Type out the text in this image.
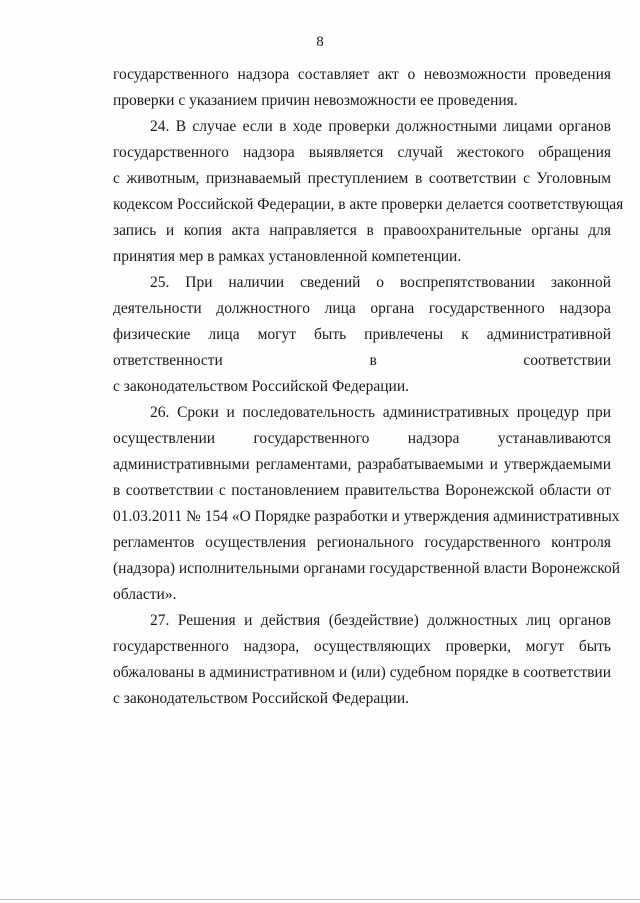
8
государственного надзора составляет акт о невозможности проведения
проверки с указанием причин невозможности ее проведения.
24. В случае если в ходе проверки должностными лицами органов
государственного надзора выявляется случай жестокого обращения
с животным, признаваемый преступлением в соответствии с Уголовным
кодексом Российской Федерации, в акте проверки делается соответствующая
запись и копия акта направляется в правоохранительные органы для
принятия мер в рамках установленной компетенции.
25. При наличии сведений о воспрепятствовании законной
деятельности должностного лица органа государственного надзора
физические лица могут быть привлечены к административной
ответственности в соответствии
с законодательством Российской Федерации.
26. Сроки и последовательность административных процедур при
осуществлении государственного надзора устанавливаются
административными регламентами, разрабатываемыми и утверждаемыми
в соответствии с постановлением правительства Воронежской области от
01.03.2011 № 154 «О Порядке разработки и утверждения административных
регламентов осуществления регионального государственного контроля
(надзора) исполнительными органами государственной власти Воронежской
области».
27. Решения и действия (бездействие) должностных лиц органов
государственного надзора, осуществляющих проверки, могут быть
обжалованы в административном и (или) судебном порядке в соответствии
с законодательством Российской Федерации.
